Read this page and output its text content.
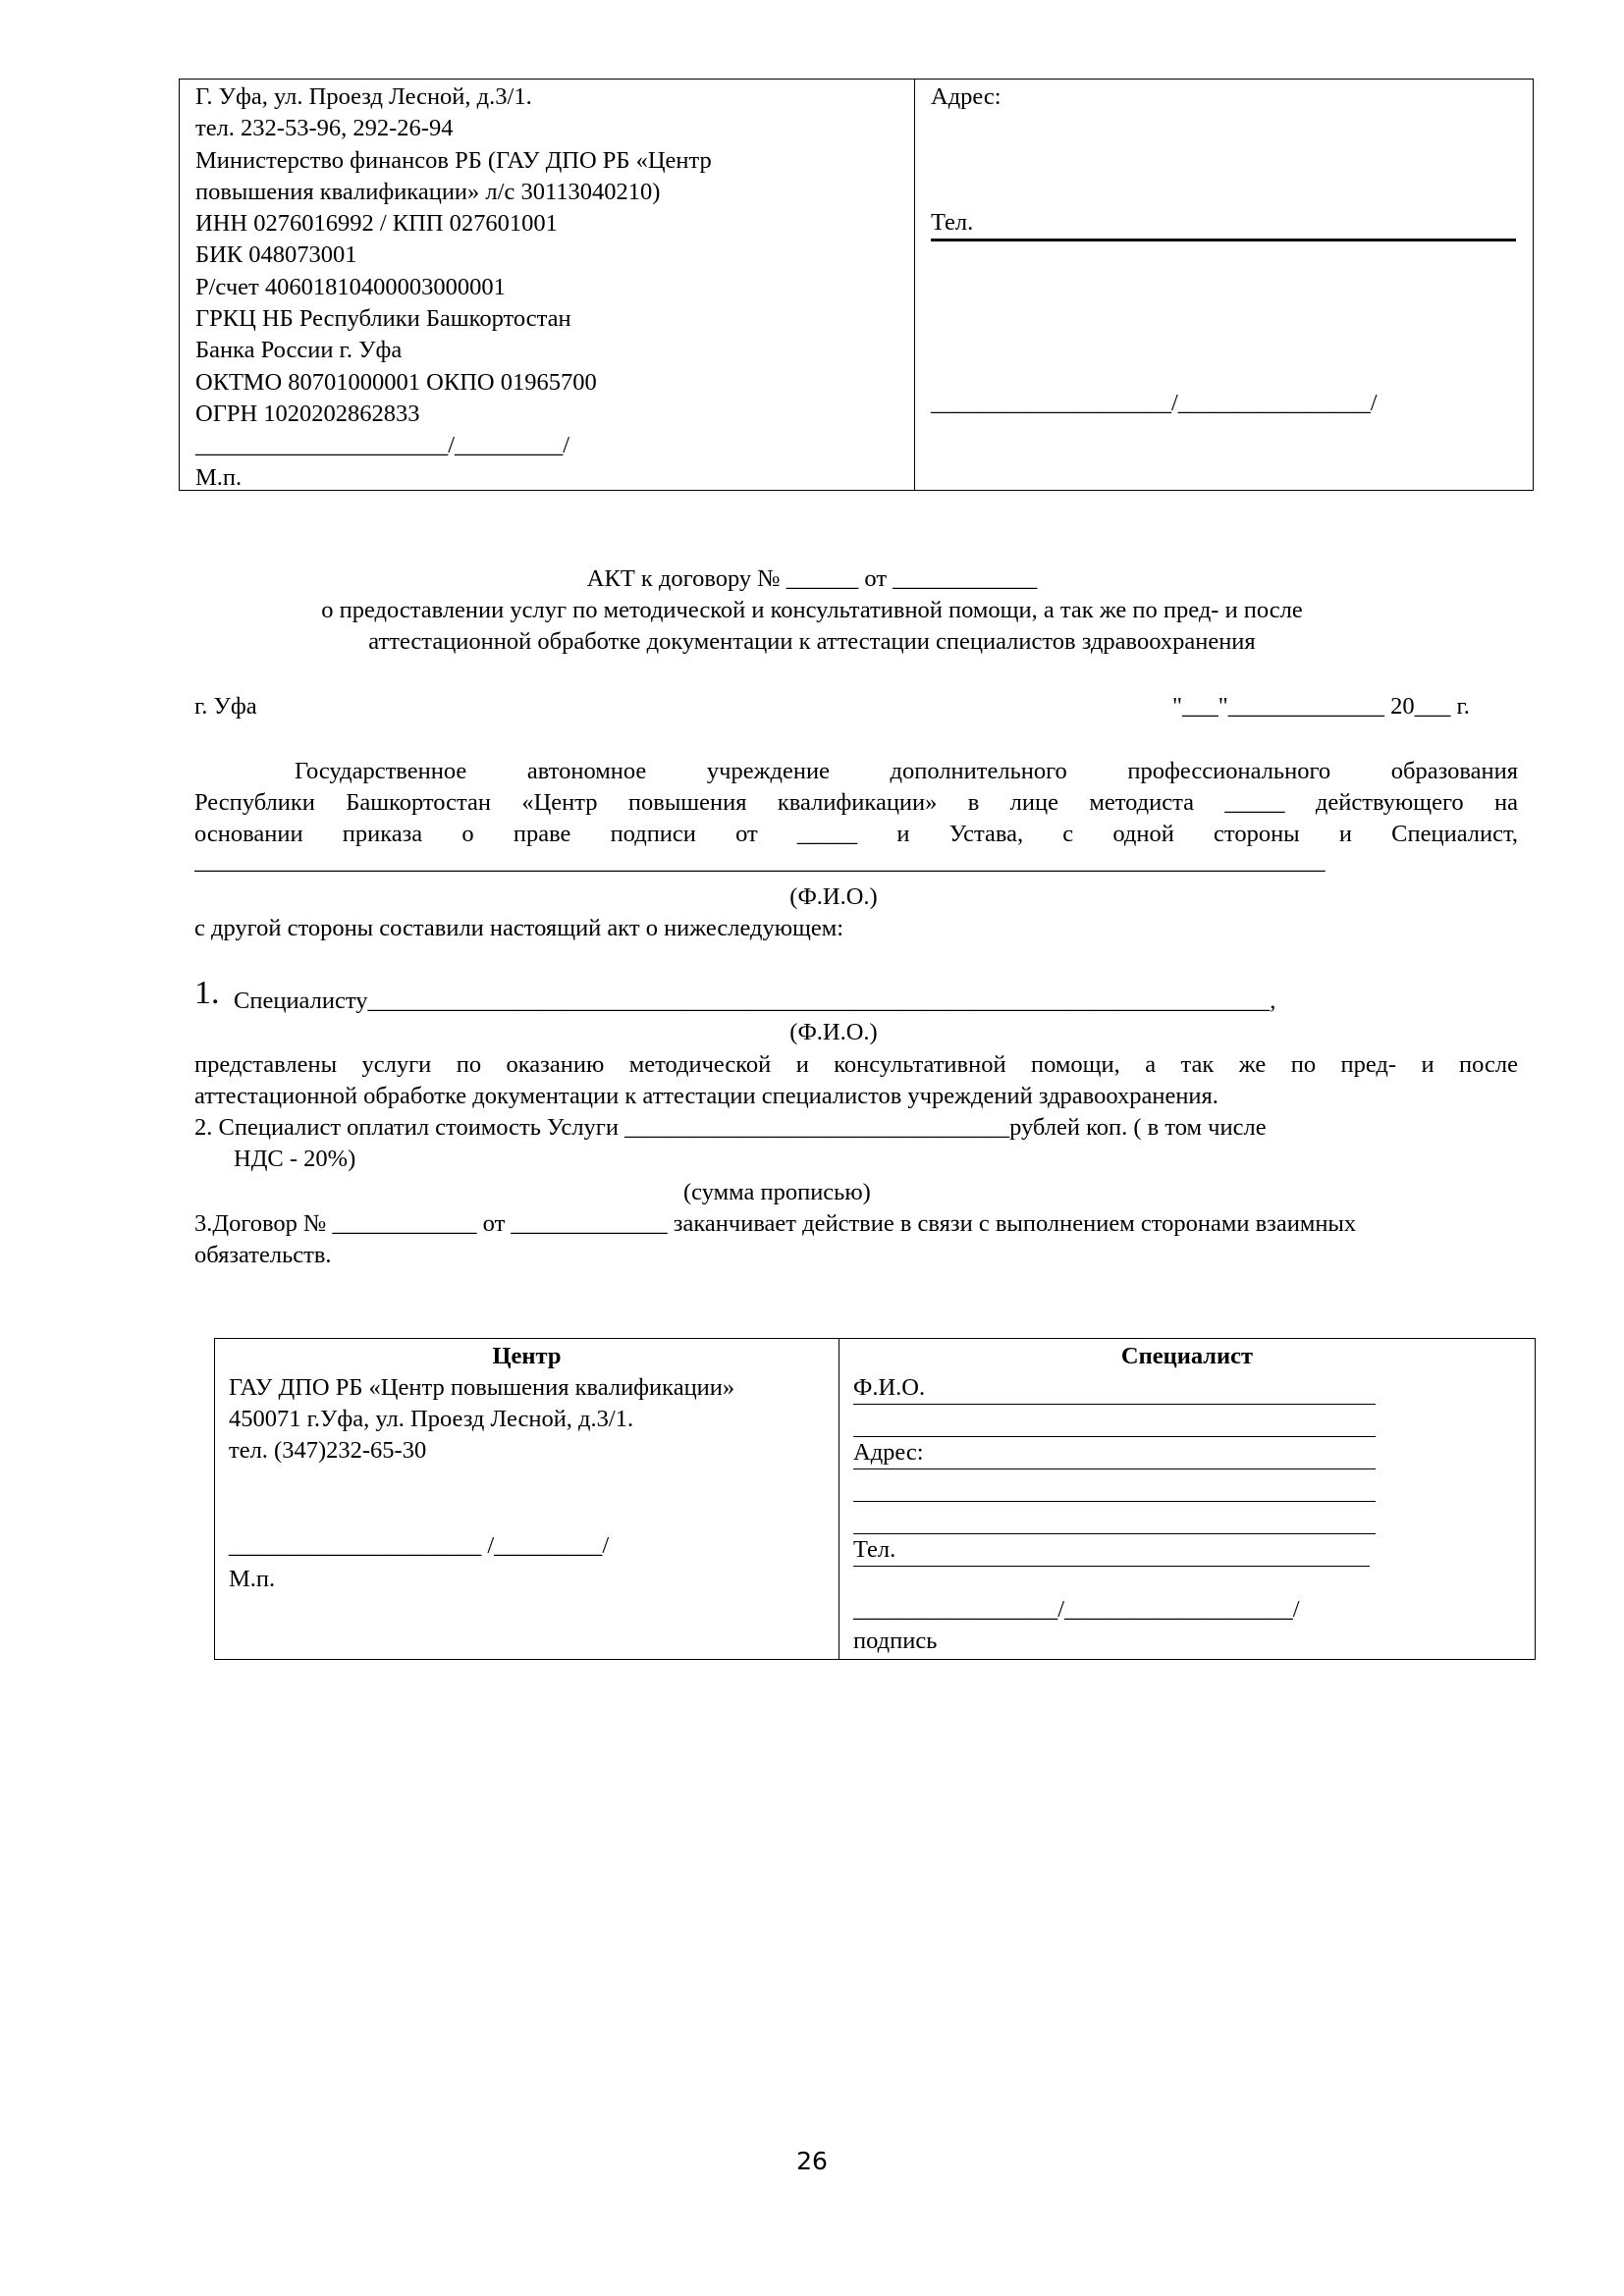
Г. Уфа, ул. Проезд Лесной, д.3/1.
тел. 232-53-96, 292-26-94
Министерство финансов РБ (ГАУ ДПО РБ «Центр
повышения квалификации» л/с 30113040210)
ИНН 0276016992 / КПП 027601001
БИК 048073001
Р/счет 40601810400003000001
ГРКЦ НБ Республики Башкортостан
Банка России г. Уфа
ОКТМО 80701000001 ОКПО 01965700
ОГРН 1020202862833
_____________________/_________/
М.п.
Адрес:
Тел.
____________________/________________/
АКТ к договору № ______ от ____________
о предоставлении услуг по методической и консультативной помощи, а так же по пред- и после
аттестационной обработке документации к аттестации специалистов здравоохранения
г. Уфа	"___"_____________ 20___ г.
Государственное автономное учреждение дополнительного профессионального образования
Республики Башкортостан «Центр повышения квалификации» в лице методиста _____ действующего на
основании приказа о праве подписи от _____ и Устава, с одной стороны и Специалист,
______________________________________________________________________________________________
(Ф.И.О.)
с другой стороны составили настоящий акт о нижеследующем:
1. Специалисту___________________________________________________________________________,
(Ф.И.О.)
представлены услуги по оказанию методической и консультативной помощи, а так же по пред- и после
аттестационной обработке документации к аттестации специалистов учреждений здравоохранения.
2. Специалист оплатил стоимость Услуги ________________________________рублей коп. ( в том числе
НДС - 20%)
(сумма прописью)
3.Договор № ____________ от _____________ заканчивает действие в связи с выполнением сторонами взаимных
обязательств.
Центр
ГАУ ДПО РБ «Центр повышения квалификации»
450071 г.Уфа, ул. Проезд Лесной, д.3/1.
тел. (347)232-65-30
_____________________ /_________/
М.п.
Специалист
Ф.И.О.
Адрес:
Тел.
_________________/___________________/
подпись
26
